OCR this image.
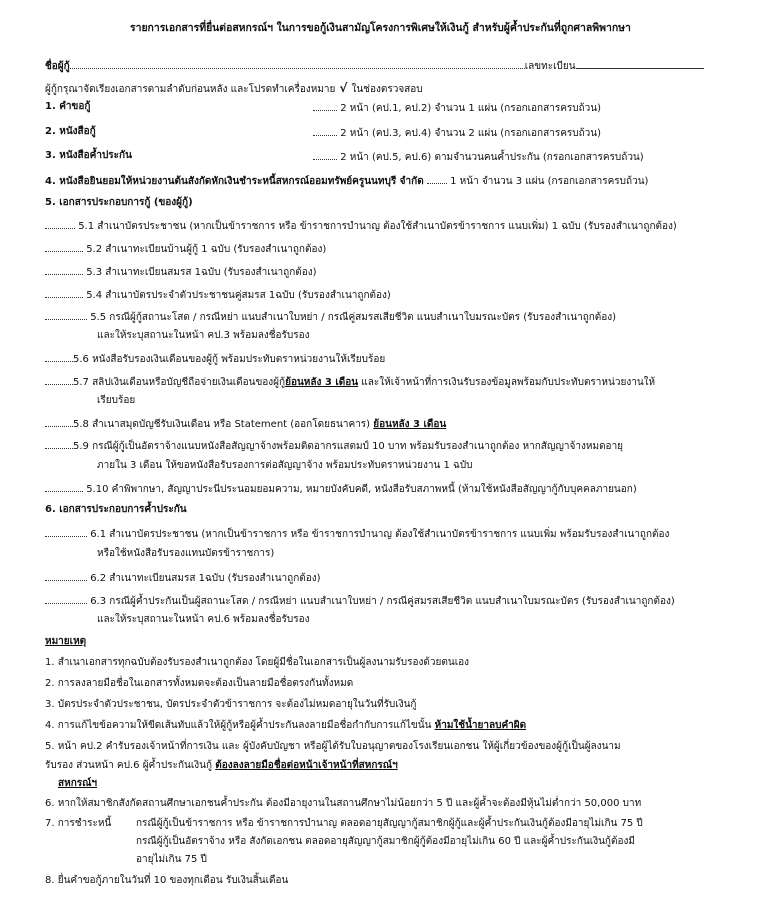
รายการเอกสารที่ยื่นต่อสหกรณ์ฯ ในการขอกู้เงินสามัญโครงการพิเศษให้เงินกู้ สำหรับผู้ค้ำประกันที่ถูกศาลพิพากษา
ชื่อผู้กู้	เลขทะเบียน
ผู้กู้กรุณาจัดเรียงเอกสารตามลำดับก่อนหลัง และโปรดทำเครื่องหมาย √ ในช่องตรวจสอบ
1. คำขอกู้	2 หน้า (คป.1, คป.2) จำนวน 1 แผ่น (กรอกเอกสารครบถ้วน)
2. หนังสือกู้	2 หน้า (คป.3, คป.4) จำนวน 2 แผ่น (กรอกเอกสารครบถ้วน)
3. หนังสือค้ำประกัน	2 หน้า (คป.5, คป.6) ตามจำนวนคนค้ำประกัน (กรอกเอกสารครบถ้วน)
4. หนังสือยินยอมให้หน่วยงานต้นสังกัดหักเงินชำระหนี้สหกรณ์ออมทรัพย์ครูนนทบุรี จำกัด	1 หน้า จำนวน 3 แผ่น (กรอกเอกสารครบถ้วน)
5. เอกสารประกอบการกู้ (ของผู้กู้)
5.1 สำเนาบัตรประชาชน (หากเป็นข้าราชการ หรือ ข้าราชการบำนาญ ต้องใช้สำเนาบัตรข้าราชการ แนบเพิ่ม) 1 ฉบับ (รับรองสำเนาถูกต้อง)
5.2 สำเนาทะเบียนบ้านผู้กู้ 1 ฉบับ (รับรองสำเนาถูกต้อง)
5.3 สำเนาทะเบียนสมรส 1ฉบับ (รับรองสำเนาถูกต้อง)
5.4 สำเนาบัตรประจำตัวประชาชนคู่สมรส 1ฉบับ (รับรองสำเนาถูกต้อง)
5.5 กรณีผู้กู้สถานะโสด / กรณีหย่า แนบสำเนาใบหย่า / กรณีคู่สมรสเสียชีวิต แนบสำเนาใบมรณะบัตร (รับรองสำเนาถูกต้อง)
และให้ระบุสถานะในหน้า คป.3 พร้อมลงชื่อรับรอง
5.6 หนังสือรับรองเงินเดือนของผู้กู้ พร้อมประทับตราหน่วยงานให้เรียบร้อย
5.7 สลิปเงินเดือนหรือบัญชีถือจ่ายเงินเดือนของผู้กู้ย้อนหลัง 3 เดือน และให้เจ้าหน้าที่การเงินรับรองข้อมูลพร้อมกับประทับตราหน่วยงานให้
เรียบร้อย
5.8 สำเนาสมุดบัญชีรับเงินเดือน หรือ Statement (ออกโดยธนาคาร) ย้อนหลัง 3 เดือน
5.9 กรณีผู้กู้เป็นอัตราจ้างแนบหนังสือสัญญาจ้างพร้อมติดอากรแสตมป์ 10 บาท พร้อมรับรองสำเนาถูกต้อง หากสัญญาจ้างหมดอายุ
ภายใน 3 เดือน ให้ขอหนังสือรับรองการต่อสัญญาจ้าง พร้อมประทับตราหน่วยงาน 1 ฉบับ
5.10 คำพิพากษา, สัญญาประนีประนอมยอมความ, หมายบังคับคดี, หนังสือรับสภาพหนี้ (ห้ามใช้หนังสือสัญญากู้กับบุคคลภายนอก)
6. เอกสารประกอบการค้ำประกัน
6.1 สำเนาบัตรประชาชน (หากเป็นข้าราชการ หรือ ข้าราชการบำนาญ ต้องใช้สำเนาบัตรข้าราชการ แนบเพิ่ม พร้อมรับรองสำเนาถูกต้อง
หรือใช้หนังสือรับรองแทนบัตรข้าราชการ)
6.2 สำเนาทะเบียนสมรส 1ฉบับ (รับรองสำเนาถูกต้อง)
6.3 กรณีผู้ค้ำประกันเป็นผู้สถานะโสด / กรณีหย่า แนบสำเนาใบหย่า / กรณีคู่สมรสเสียชีวิต แนบสำเนาใบมรณะบัตร (รับรองสำเนาถูกต้อง)
และให้ระบุสถานะในหน้า คป.6 พร้อมลงชื่อรับรอง
หมายเหตุ
1. สำเนาเอกสารทุกฉบับต้องรับรองสำเนาถูกต้อง โดยผู้มีชื่อในเอกสารเป็นผู้ลงนามรับรองด้วยตนเอง
2. การลงลายมือชื่อในเอกสารทั้งหมดจะต้องเป็นลายมือชื่อตรงกันทั้งหมด
3. บัตรประจำตัวประชาชน, บัตรประจำตัวข้าราชการ จะต้องไม่หมดอายุในวันที่รับเงินกู้
4. การแก้ไขข้อความให้ขีดเส้นทับแล้วให้ผู้กู้หรือผู้ค้ำประกันลงลายมือชื่อกำกับการแก้ไขนั้น ห้ามใช้น้ำยาลบคำผิด
5. หน้า คป.2 คำรับรองเจ้าหน้าที่การเงิน และ ผู้บังคับบัญชา หรือผู้ได้รับใบอนุญาตของโรงเรียนเอกชน ให้ผู้เกี่ยวข้องของผู้กู้เป็นผู้ลงนาม
รับรอง ส่วนหน้า คป.6 ผู้ค้ำประกันเงินกู้ ต้องลงลายมือชื่อต่อหน้าเจ้าหน้าที่สหกรณ์ฯ
สหกรณ์ฯ
6. หากให้สมาชิกสังกัดสถานศึกษาเอกชนค้ำประกัน ต้องมีอายุงานในสถานศึกษาไม่น้อยกว่า 5 ปี และผู้ค้ำจะต้องมีหุ้นไม่ต่ำกว่า 50,000 บาท
7. การชำระหนี้ กรณีผู้กู้เป็นข้าราชการ หรือ ข้าราชการบำนาญ ตลอดอายุสัญญากู้สมาชิกผู้กู้และผู้ค้ำประกันเงินกู้ต้องมีอายุไม่เกิน 75 ปี
กรณีผู้กู้เป็นอัตราจ้าง หรือ สังกัดเอกชน ตลอดอายุสัญญากู้สมาชิกผู้กู้ต้องมีอายุไม่เกิน 60 ปี และผู้ค้ำประกันเงินกู้ต้องมี
อายุไม่เกิน 75 ปี
8. ยื่นคำขอกู้ภายในวันที่ 10 ของทุกเดือน รับเงินสิ้นเดือน
